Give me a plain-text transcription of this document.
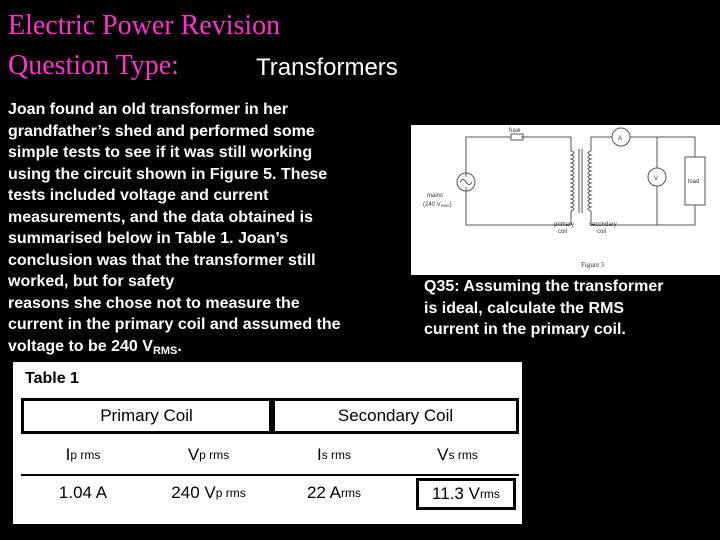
Electric Power Revision
Question Type:	Transformers
Joan found an old transformer in her
grandfather’s shed and performed some
simple tests to see if it was still working
using the circuit shown in Figure 5. These
tests included voltage and current
measurements, and the data obtained is
summarised below in Table 1. Joan’s
conclusion was that the transformer still
worked, but for safety
reasons she chose not to measure the
current in the primary coil and assumed the
voltage to be 240 $V_{RMS}$.
fuse
A
V	load
mains
(240 VRMS)
primary
coil
secondary
coil
Figure 5
Q35: Assuming the transformer
is ideal, calculate the RMS
current in the primary coil.
Table 1
Primary Coil	Secondary Coil
I p rms	V p rms	I s rms	V s rms
1.04 A	240 V p rms	22 A rms	11.3 V rms
